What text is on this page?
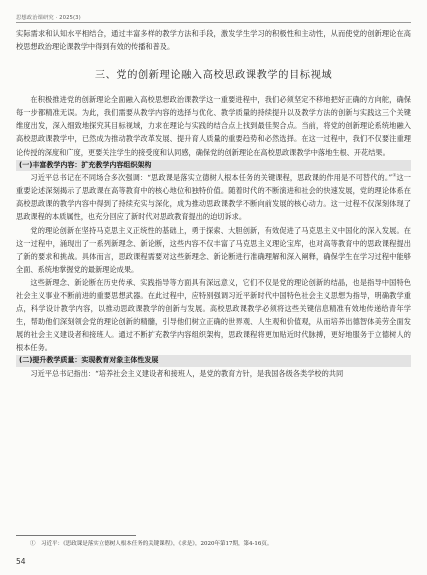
思想政治课研究 · 2025(3)

实际需求和认知水平相结合，通过丰富多样的教学方法和手段，激发学生学习的积极性和主动性，从而使党的创新理论在高校思想政治理论课教学中得到有效的传播和普及。

三、党的创新理论融入高校思政课教学的目标视域

在积极推进党的创新理论全面融入高校思想政治课教学这一重要进程中，我们必须坚定不移地把好正确的方向舵，确保每一步都精准无误。为此，我们需要从教学内容的选择与优化、教学质量的持续提升以及教学方法的创新与实践这三个关键维度出发，深入细致地探究其目标视域，力求在理论与实践的结合点上找到最佳契合点。当前，将党的创新理论系统地融入高校思政课教学中，已然成为推动教学改革发展、提升育人质量的重要趋势和必然选择。在这一过程中，我们不仅要注重理论传授的深度和广度，更要关注学生的接受度和认同感，确保党的创新理论在高校思政课教学中落地生根、开花结果。

(一)丰富教学内容：扩充教学内容组织架构

习近平总书记在不同场合多次强调：“思政课是落实立德树人根本任务的关键课程，思政课的作用是不可替代的。”①这一重要论述深刻揭示了思政课在高等教育中的核心地位和独特价值。随着时代的不断演进和社会的快速发展，党的理论体系在高校思政课的教学内容中得到了持续充实与深化，成为推动思政课教学不断向前发展的核心动力。这一过程不仅深刻体现了思政课程的本质属性，也充分回应了新时代对思政教育提出的迫切诉求。

党的理论创新在坚持马克思主义正统性的基础上，勇于探索、大胆创新，有效促进了马克思主义中国化的深入发展。在这一过程中，涌现出了一系列新理念、新论断，这些内容不仅丰富了马克思主义理论宝库，也对高等教育中的思政课程提出了新的要求和挑战。具体而言，思政课程需要对这些新理念、新论断进行准确理解和深入阐释，确保学生在学习过程中能够全面、系统地掌握党的最新理论成果。

这些新理念、新论断在历史传承、实践指导等方面具有深远意义，它们不仅是党的理论创新的结晶，也是指导中国特色社会主义事业不断前进的重要思想武器。在此过程中，应特别强调习近平新时代中国特色社会主义思想为指导，明确教学重点，科学设计教学内容，以推动思政课教学的创新与发展。高校思政课教学必须将这些关键信息精准有效地传递给青年学生，帮助他们深刻领会党的理论创新的精髓，引导他们树立正确的世界观、人生观和价值观，从而培养出德智体美劳全面发展的社会主义建设者和接班人。通过不断扩充教学内容组织架构，思政课程将更加贴近时代脉搏，更好地服务于立德树人的根本任务。

(二)提升教学质量：实现教育对象主体性发展

习近平总书记指出：“培养社会主义建设者和接班人，是党的教育方针，是我国各级各类学校的共同

①　习近平：《思政课是落实立德树人根本任务的关键课程》，《求是》，2020年第17期，第4-16页。
54
